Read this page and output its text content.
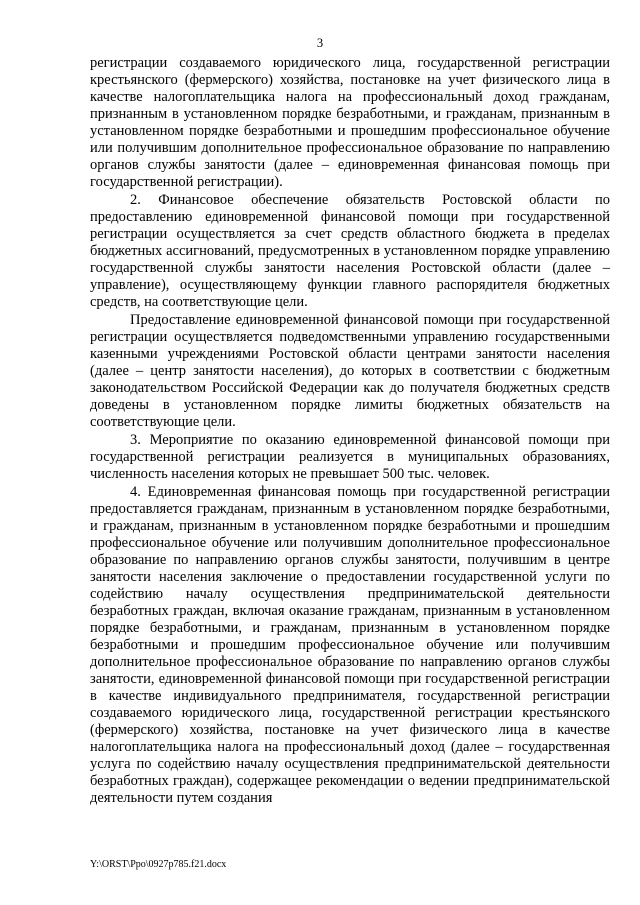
3

регистрации создаваемого юридического лица, государственной регистрации крестьянского (фермерского) хозяйства, постановке на учет физического лица в качестве налогоплательщика налога на профессиональный доход гражданам, признанным в установленном порядке безработными, и гражданам, признанным в установленном порядке безработными и прошедшим профессиональное обучение или получившим дополнительное профессиональное образование по направлению органов службы занятости (далее – единовременная финансовая помощь при государственной регистрации).

2. Финансовое обеспечение обязательств Ростовской области по предоставлению единовременной финансовой помощи при государственной регистрации осуществляется за счет средств областного бюджета в пределах бюджетных ассигнований, предусмотренных в установленном порядке управлению государственной службы занятости населения Ростовской области (далее – управление), осуществляющему функции главного распорядителя бюджетных средств, на соответствующие цели.

Предоставление единовременной финансовой помощи при государственной регистрации осуществляется подведомственными управлению государственными казенными учреждениями Ростовской области центрами занятости населения (далее – центр занятости населения), до которых в соответствии с бюджетным законодательством Российской Федерации как до получателя бюджетных средств доведены в установленном порядке лимиты бюджетных обязательств на соответствующие цели.

3. Мероприятие по оказанию единовременной финансовой помощи при государственной регистрации реализуется в муниципальных образованиях, численность населения которых не превышает 500 тыс. человек.

4. Единовременная финансовая помощь при государственной регистрации предоставляется гражданам, признанным в установленном порядке безработными, и гражданам, признанным в установленном порядке безработными и прошедшим профессиональное обучение или получившим дополнительное профессиональное образование по направлению органов службы занятости, получившим в центре занятости населения заключение о предоставлении государственной услуги по содействию началу осуществления предпринимательской деятельности безработных граждан, включая оказание гражданам, признанным в установленном порядке безработными, и гражданам, признанным в установленном порядке безработными и прошедшим профессиональное обучение или получившим дополнительное профессиональное образование по направлению органов службы занятости, единовременной финансовой помощи при государственной регистрации в качестве индивидуального предпринимателя, государственной регистрации создаваемого юридического лица, государственной регистрации крестьянского (фермерского) хозяйства, постановке на учет физического лица в качестве налогоплательщика налога на профессиональный доход (далее – государственная услуга по содействию началу осуществления предпринимательской деятельности безработных граждан), содержащее рекомендации о ведении предпринимательской деятельности путем создания

Y:\ORST\Ppo\0927p785.f21.docx
